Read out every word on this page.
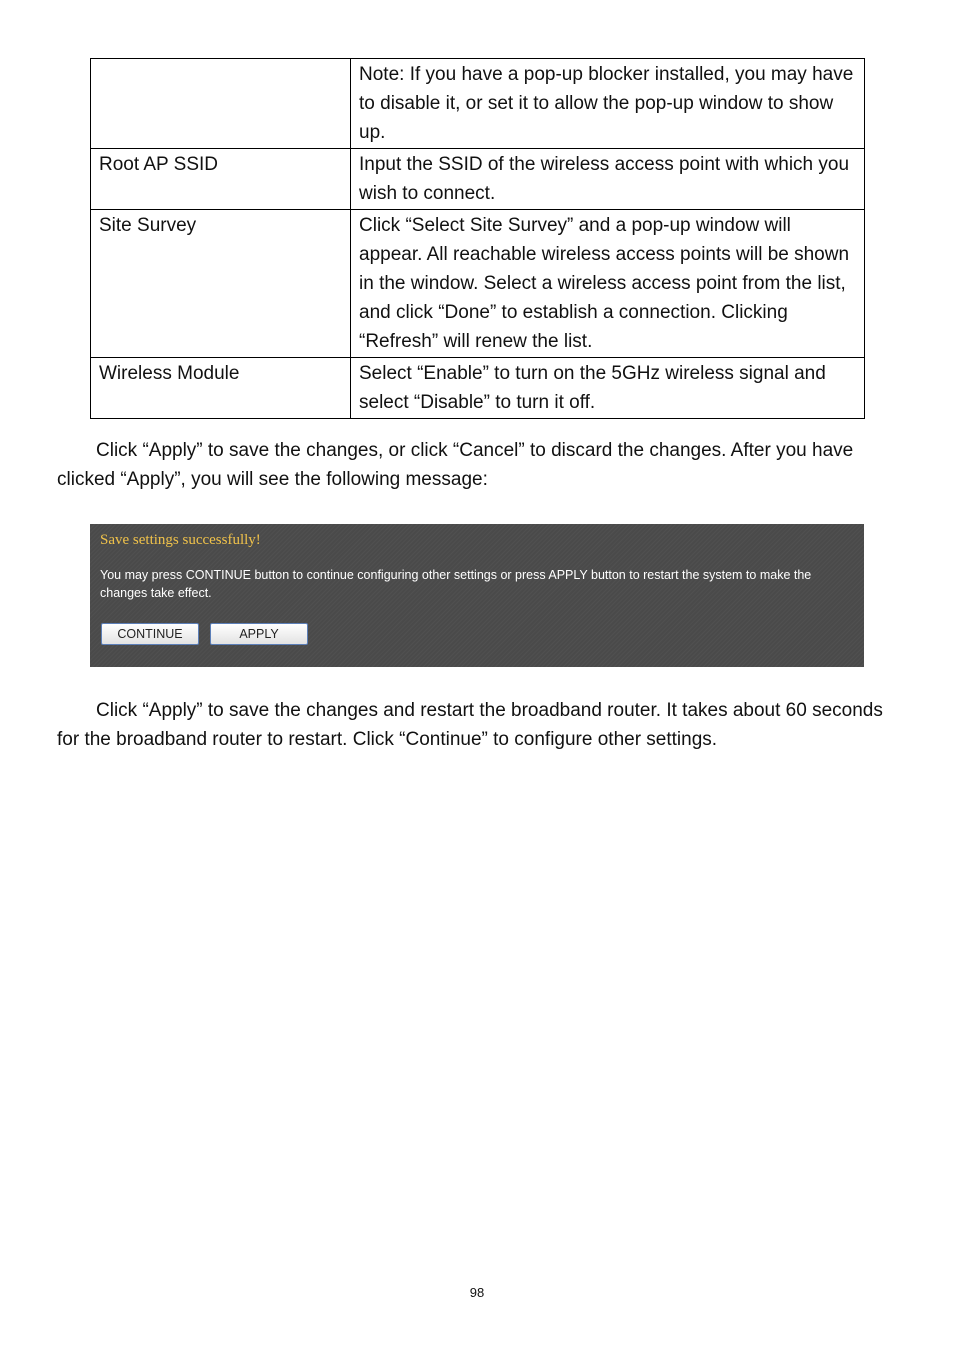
	Note: If you have a pop-up blocker installed, you may have to disable it, or set it to allow the pop-up window to show up.
Root AP SSID	Input the SSID of the wireless access point with which you wish to connect.
Site Survey	Click “Select Site Survey” and a pop-up window will appear. All reachable wireless access points will be shown in the window. Select a wireless access point from the list, and click “Done” to establish a connection. Clicking “Refresh” will renew the list.
Wireless Module	Select “Enable” to turn on the 5GHz wireless signal and select “Disable” to turn it off.

Click “Apply” to save the changes, or click “Cancel” to discard the changes. After you have clicked “Apply”, you will see the following message:

Save settings successfully!

You may press CONTINUE button to continue configuring other settings or press APPLY button to restart the system to make the changes take effect.

CONTINUE	APPLY

Click “Apply” to save the changes and restart the broadband router. It takes about 60 seconds for the broadband router to restart. Click “Continue” to configure other settings.

98
